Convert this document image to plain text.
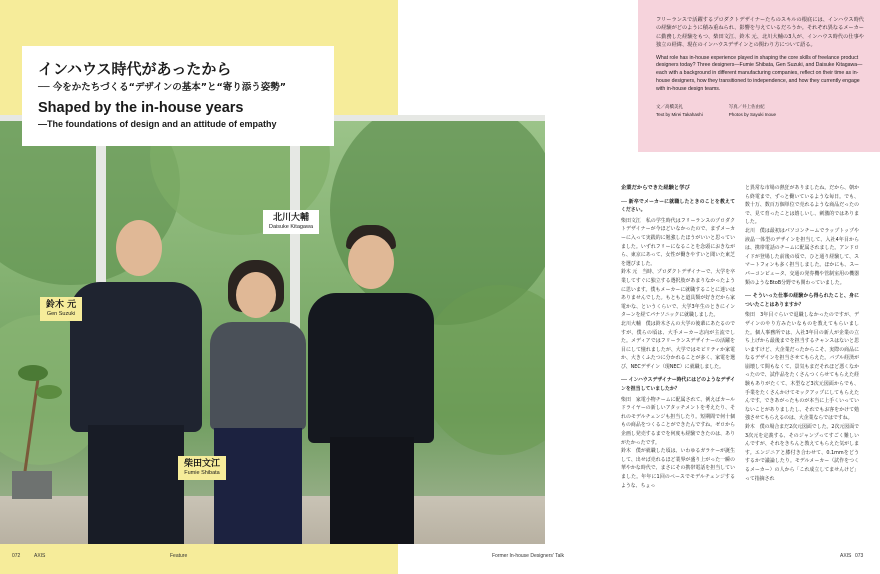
インハウス時代があったから
── 今をかたちづくる“デザインの基本”と“寄り添う姿勢”
Shaped by the in-house years
—The foundations of design and an attitude of empathy
鈴木 元
Gen Suzuki
北川大輔
Daisuke Kitagawa
柴田文江
Fumie Shibata
072	AXIS	Feature	Former In-house Designers' Talk	AXIS 073

フリーランスで活躍するプロダクトデザイナーたちのスキルの根底には、インハウス時代の経験がどのように積み重ねられ、影響を与えているだろうか。それぞれ異なるメーカーに勤務した経験をもつ、柴田文江、鈴木 元、北川大輔の3人が、インハウス時代の仕事や独立の経緯、現在のインハウスデザインとの関わり方について語る。

What role has in-house experience played in shaping the core skills of freelance product designers today? Three designers—Fumie Shibata, Gen Suzuki, and Daisuke Kitagawa—each with a background in different manufacturing companies, reflect on their time as in-house designers, how they transitioned to independence, and how they currently engage with in-house design teams.

文／高橋美礼
Text by Mirei Takahashi
写真／井上佐由紀
Photos by Sayuki Inoue
企業だからできた経験と学び
── 新卒でメーカーに就職したときのことを教えてください。
柴田文江　私の学生時代はフリーランスのプロダクトデザイナーが今ほどいなかったので、まずメーカーに入って実践的に勉強したほうがいいと思っていました。いずれフリーになることを念頭におきながら、東京にあって、女性が働きやすいと聞いた東芝を選びました。
鈴木 元　当時、プロダクトデザイナーで、大学を卒業してすぐに独立する選択肢があまりなかったように思います。僕もメーカーに就職することに迷いはありませんでした。もともと道具類が好きだから家電かな、というくらいで、大学3年生のときにインターンを経てパナソニックに就職しました。
北川大輔　僕は鈴木さんの大学の後輩にあたるのですが、僕らの頃は、大手メーカー志向が主流でした。メディアではフリーランスデザイナーの活躍を目にして憧れましたが、大学ではモビリティか家電か、大きくふたつに分かれることが多く、家電を選び、NECデザイン（現NEC）に就職しました。
── インハウスデザイナー時代にはどのようなデザインを担当していましたか？
柴田　家電小物チームに配属されて、例えばカールドライヤーの新しいアタッチメントを考えたり、それのモデルチェンジも担当したり。短期間で何十個もの商品をつくることができたんですね。ゼロから企画し発売するまでを何度も経験できたのは、ありがたかったです。
鈴木　僕が就職した頃は、いわゆるガラケーが誕生して、出せば売れるほど業界が盛り上がった一瞬の華やかな時代で、まさにその携帯電話を担当していました。年年に1回のペースでモデルチェンジするような、ちょっ
と異常な市場の熱狂がありましたね。だから、朝から終電まで、ずっと働いているような毎日。でも、数十万、数百万個単位で売れるような商品だったので、見て育ったことは嬉しいし、刺激的ではありました。
北川　僕は最初はパソコンチームでラップトップや液晶一体型のデザインを担当して、入社4年目からは、携帯電話のチームに配属されました。アンドロイドが登場した前後の頃で、ひと通り経験して、スマートフォンも多く担当しました。ほかにも、スーパーコンピュータ、交通の発券機や管制室用の機器類のようなBtoB分野でも関わっていました。
── そういった仕事の経験から得られたこと、身についたことはありますか？
柴田　3年目ぐらいで退職しなかったのですが、デザインのやり方みたいなものを教えてもらいました。個人事務所では、入社3年目の新人が企業の立ち上げから最後までを担当するチャンスはないと思いますけど、大企業だったからこそ、実際の商品になるデザインを担当させてもらえた。バブル経済が崩壊して間もなくて、景気もまだそれほど悪くなかったので、試作品をたくさんつくらせてもらえた経験もありがたくて、木型など3次元図面からでも、手業をたくさんかけてモックアップにしてもらえたんです。できあがったものが本当に上手くいっていないことがありましたし、それでもお客をかけて勉強させてもらえるのは、大企業ならではですね。
鈴木　僕の場合まだ2次元図面でした。2次元図面で3次元を定義する、そのジャンプってすごく難しいんですが、それをきちんと教えてもらえた気がします。エンジニアと膝付き合わせて、0.1mmをどうするかで議論したり。モデルメーカー（試作をつくるメーカー）の人から「これ成立してませんけど」って指摘され
